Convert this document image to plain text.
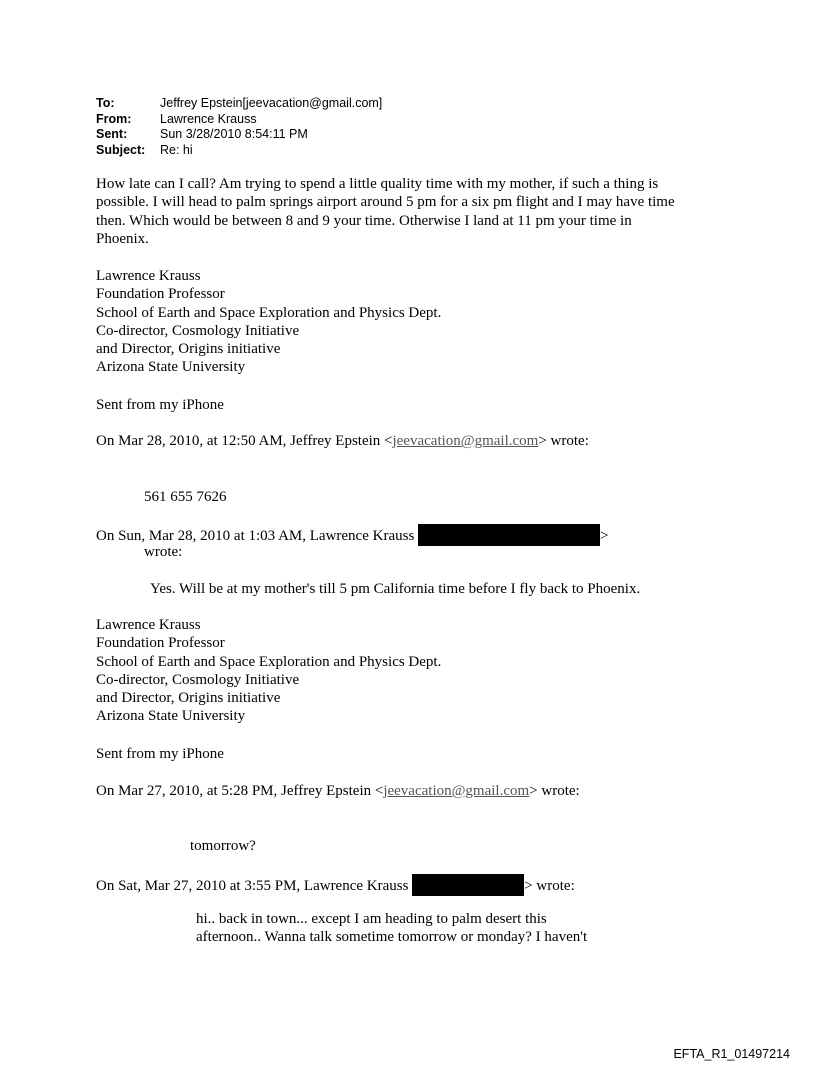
To:	Jeffrey Epstein[jeevacation@gmail.com]
From:	Lawrence Krauss
Sent:	Sun 3/28/2010 8:54:11 PM
Subject:	Re: hi
How late can I call? Am trying to spend a little quality time with my mother, if such a thing is
possible. I will head to palm springs airport around 5 pm for a six pm flight and I may have time
then. Which would be between 8 and 9 your time. Otherwise I land at 11 pm your time in
Phoenix.
Lawrence Krauss
Foundation Professor
School of Earth and Space Exploration and Physics Dept.
Co-director, Cosmology Initiative
and Director, Origins initiative
Arizona State University
Sent from my iPhone
On Mar 28, 2010, at 12:50 AM, Jeffrey Epstein <jeevacation@gmail.com> wrote:
561 655 7626
On Sun, Mar 28, 2010 at 1:03 AM, Lawrence Krauss	>
wrote:
Yes. Will be at my mother's till 5 pm California time before I fly back to Phoenix.
Lawrence Krauss
Foundation Professor
School of Earth and Space Exploration and Physics Dept.
Co-director, Cosmology Initiative
and Director, Origins initiative
Arizona State University
Sent from my iPhone
On Mar 27, 2010, at 5:28 PM, Jeffrey Epstein <jeevacation@gmail.com> wrote:
tomorrow?
On Sat, Mar 27, 2010 at 3:55 PM, Lawrence Krauss	> wrote:
hi.. back in town... except I am heading to palm desert this
afternoon.. Wanna talk sometime tomorrow or monday? I haven't
EFTA_R1_01497214
